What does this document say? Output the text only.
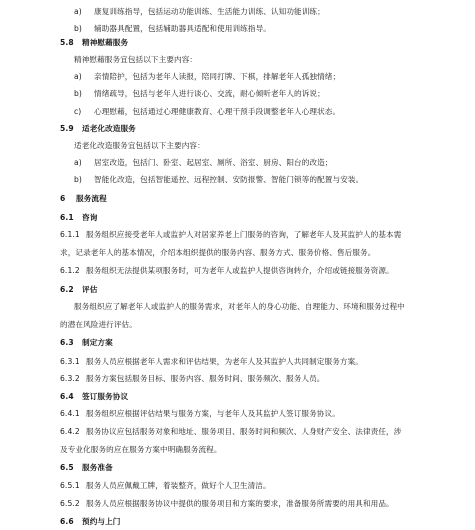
a) 康复训练指导，包括运动功能训练、生活能力训练、认知功能训练；
b) 辅助器具配置，包括辅助器具适配和使用训练指导。
5.8 精神慰藉服务
精神慰藉服务宜包括以下主要内容：
a) 亲情陪护，包括为老年人读报，陪同打牌、下棋，排解老年人孤独情绪；
b) 情绪疏导，包括与老年人进行谈心、交流，耐心倾听老年人的诉说；
c) 心理慰藉，包括通过心理健康教育、心理干预手段调整老年人心理状态。
5.9 适老化改造服务
适老化改造服务宜包括以下主要内容：
a) 居室改造，包括门、卧室、起居室、厕所、浴室、厨房、阳台的改造；
b) 智能化改造，包括智能遥控、远程控制、安防报警、智能门锁等的配置与安装。
6 服务流程
6.1 咨询
6.1.1 服务组织应接受老年人或监护人对居家养老上门服务的咨询，了解老年人及其监护人的基本需
求，记录老年人的基本情况，介绍本组织提供的服务内容、服务方式、服务价格、售后服务。
6.1.2 服务组织无法提供某项服务时，可为老年人或监护人提供咨询转介，介绍或链接服务资源。
6.2 评估
服务组织应了解老年人或监护人的服务需求，对老年人的身心功能、自理能力、环境和服务过程中
的潜在风险进行评估。
6.3 制定方案
6.3.1 服务人员应根据老年人需求和评估结果，为老年人及其监护人共同制定服务方案。
6.3.2 服务方案包括服务目标、服务内容、服务时间、服务频次、服务人员。
6.4 签订服务协议
6.4.1 服务组织应根据评估结果与服务方案，与老年人及其监护人签订服务协议。
6.4.2 服务协议应包括服务对象和地址、服务项目、服务时间和频次、人身财产安全、法律责任，涉
及专业化服务的应在服务方案中明确服务流程。
6.5 服务准备
6.5.1 服务人员应佩戴工牌，着装整齐，做好个人卫生清洁。
6.5.2 服务人员应根据服务协议中提供的服务项目和方案的要求，准备服务所需要的用具和用品。
6.6 预约与上门
